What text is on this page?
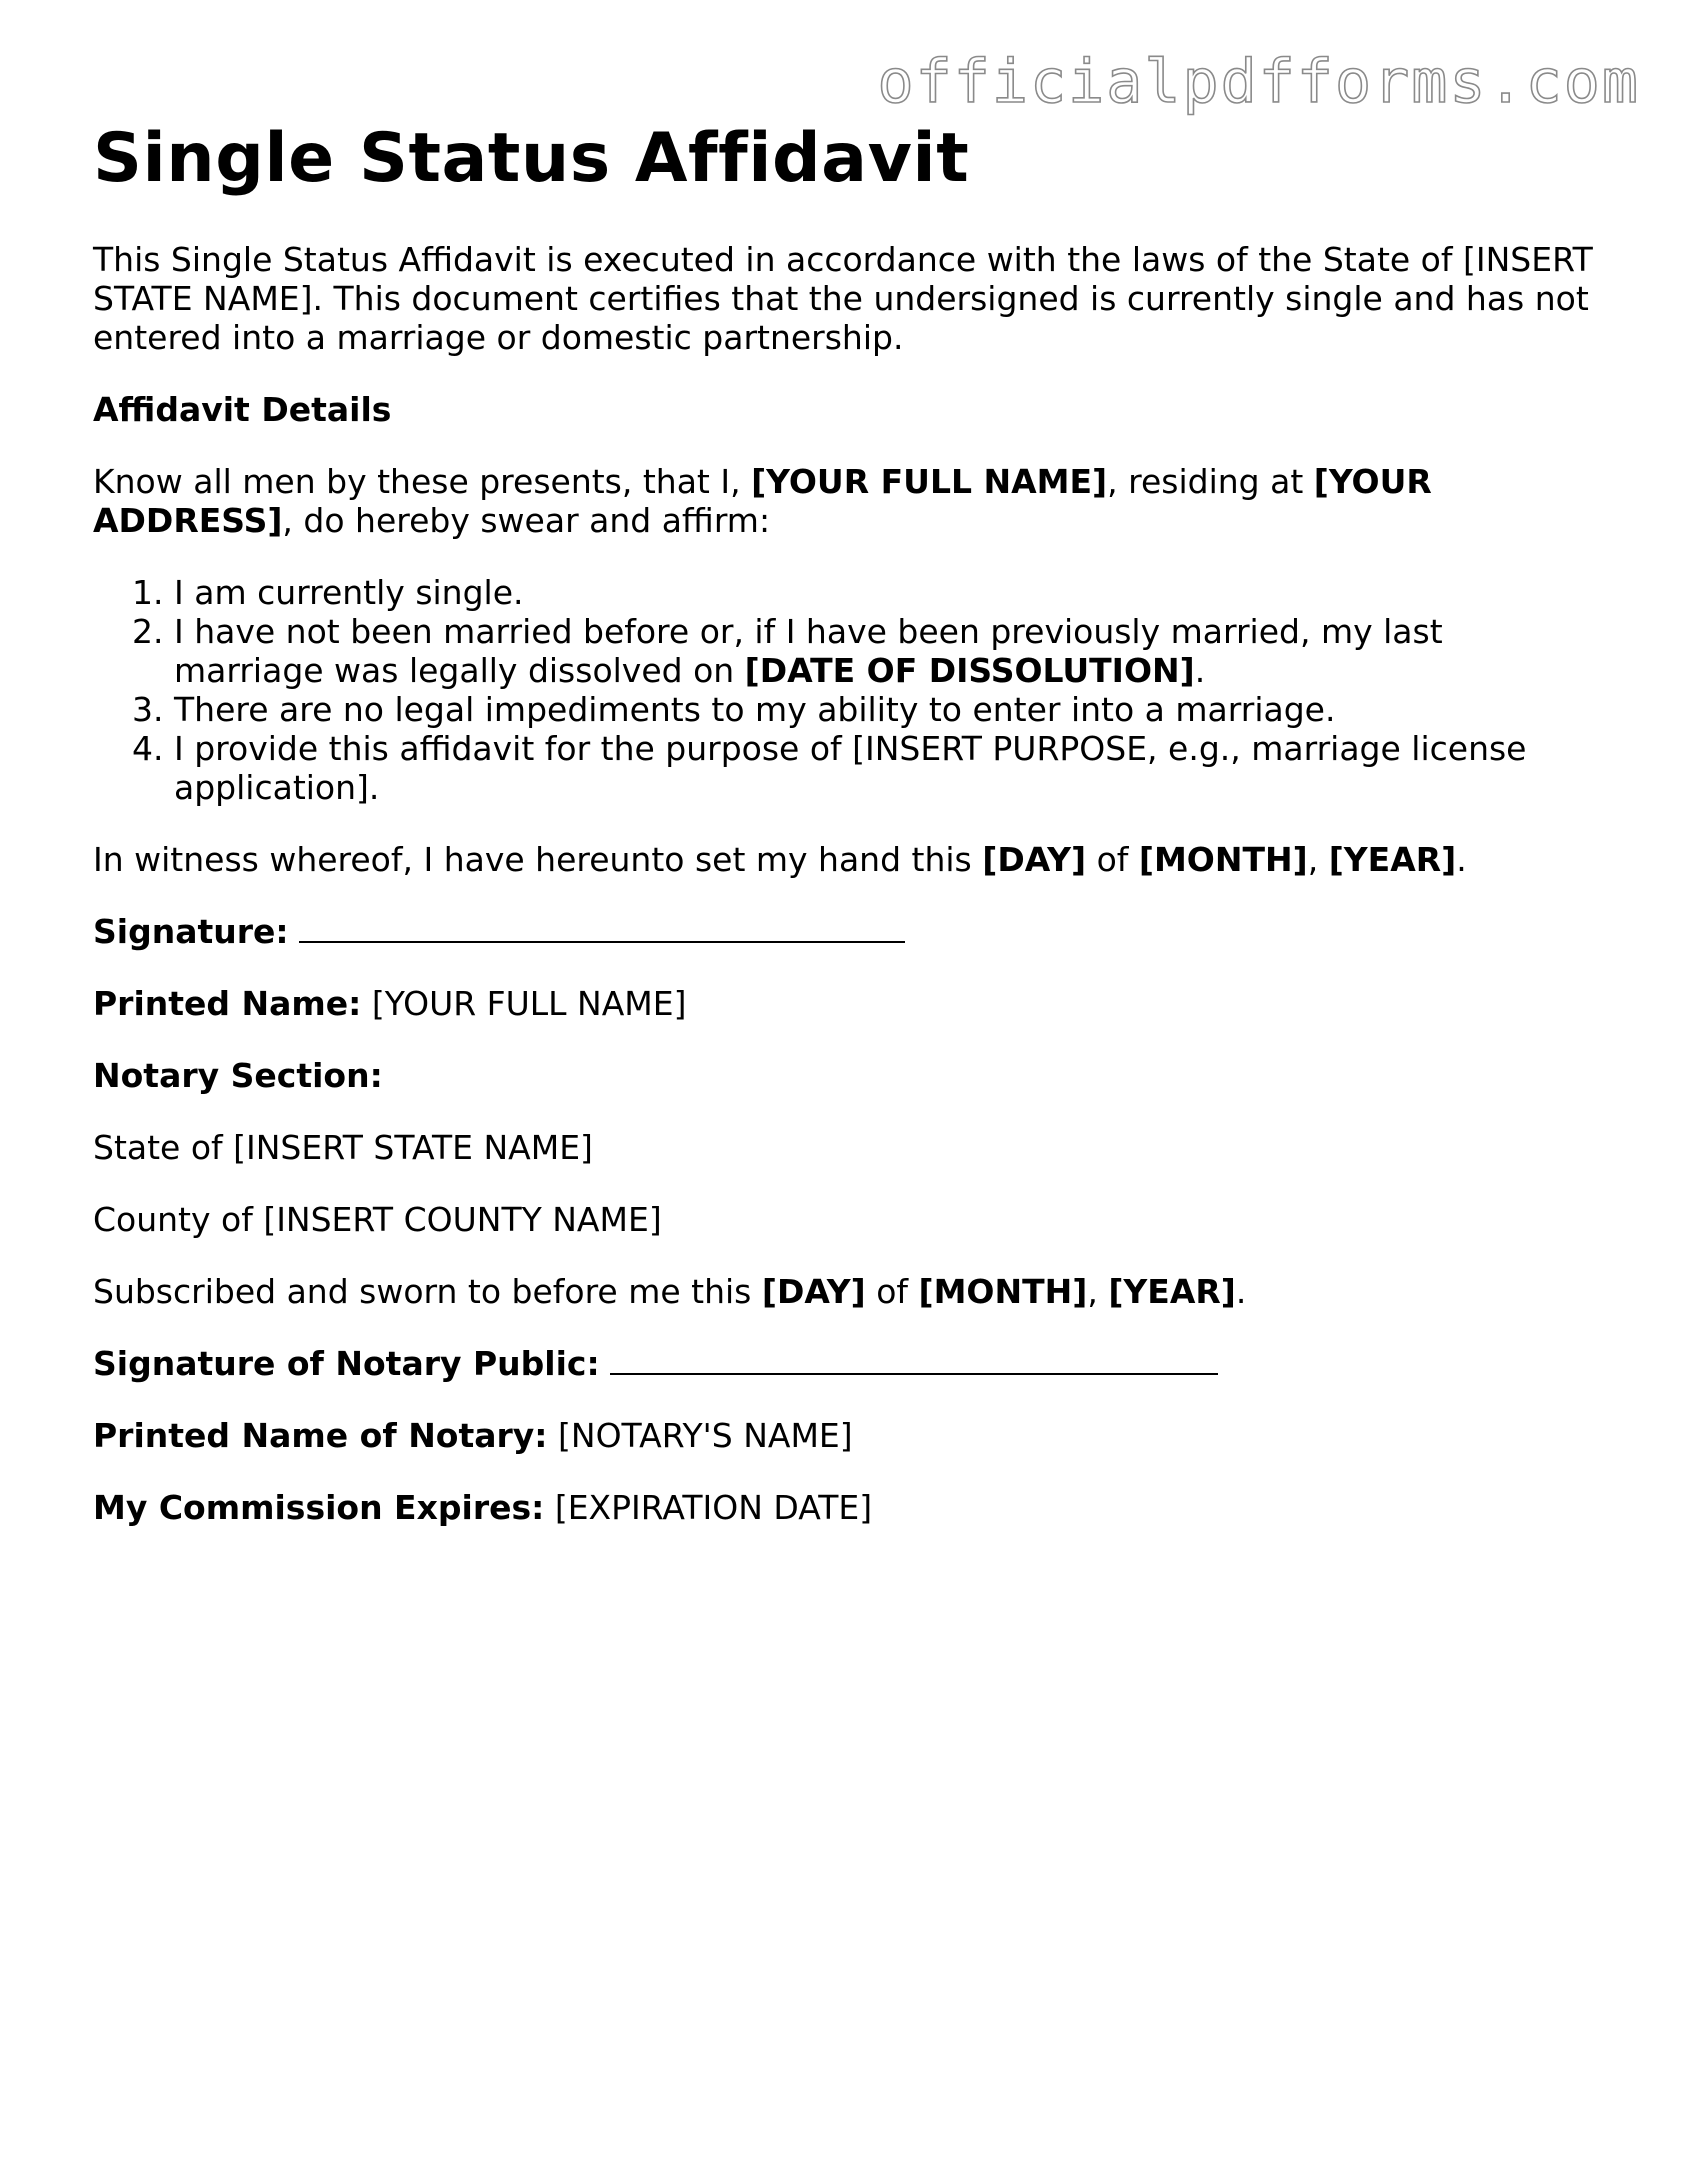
officialpdfforms.com
Single Status Affidavit

This Single Status Affidavit is executed in accordance with the laws of the State of [INSERT STATE NAME]. This document certifies that the undersigned is currently single and has not entered into a marriage or domestic partnership.

Affidavit Details

Know all men by these presents, that I, [YOUR FULL NAME], residing at [YOUR ADDRESS], do hereby swear and affirm:

1. I am currently single.
2. I have not been married before or, if I have been previously married, my last marriage was legally dissolved on [DATE OF DISSOLUTION].
3. There are no legal impediments to my ability to enter into a marriage.
4. I provide this affidavit for the purpose of [INSERT PURPOSE, e.g., marriage license application].

In witness whereof, I have hereunto set my hand this [DAY] of [MONTH], [YEAR].

Signature:

Printed Name: [YOUR FULL NAME]

Notary Section:

State of [INSERT STATE NAME]

County of [INSERT COUNTY NAME]

Subscribed and sworn to before me this [DAY] of [MONTH], [YEAR].

Signature of Notary Public:

Printed Name of Notary: [NOTARY'S NAME]

My Commission Expires: [EXPIRATION DATE]
